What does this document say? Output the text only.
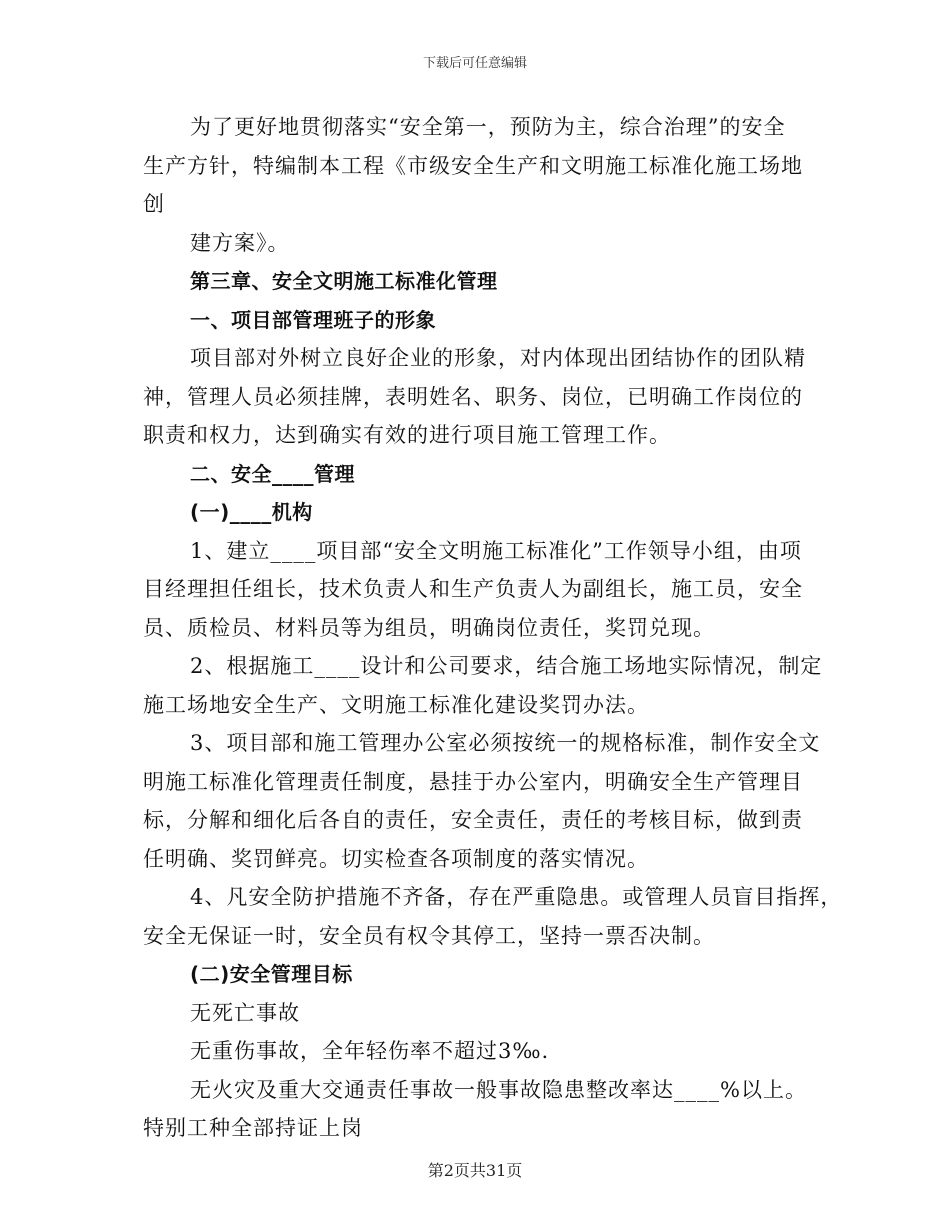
下载后可任意编辑
为了更好地贯彻落实“安全第一，预防为主，综合治理”的安全
生产方针，特编制本工程《市级安全生产和文明施工标准化施工场地
创
建方案》。
第三章、安全文明施工标准化管理
一、项目部管理班子的形象
项目部对外树立良好企业的形象，对内体现出团结协作的团队精
神，管理人员必须挂牌，表明姓名、职务、岗位，已明确工作岗位的
职责和权力，达到确实有效的进行项目施工管理工作。
二、安全____管理
(一)____机构
1、建立____项目部“安全文明施工标准化”工作领导小组，由项
目经理担任组长，技术负责人和生产负责人为副组长，施工员，安全
员、质检员、材料员等为组员，明确岗位责任，奖罚兑现。
2、根据施工____设计和公司要求，结合施工场地实际情况，制定
施工场地安全生产、文明施工标准化建设奖罚办法。
3、项目部和施工管理办公室必须按统一的规格标准，制作安全文
明施工标准化管理责任制度，悬挂于办公室内，明确安全生产管理目
标，分解和细化后各自的责任，安全责任，责任的考核目标，做到责
任明确、奖罚鲜亮。切实检查各项制度的落实情况。
4、凡安全防护措施不齐备，存在严重隐患。或管理人员盲目指挥，
安全无保证一时，安全员有权令其停工，坚持一票否决制。
(二)安全管理目标
无死亡事故
无重伤事故，全年轻伤率不超过3‰.
无火灾及重大交通责任事故一般事故隐患整改率达____%以上。
特别工种全部持证上岗
第2页共31页
